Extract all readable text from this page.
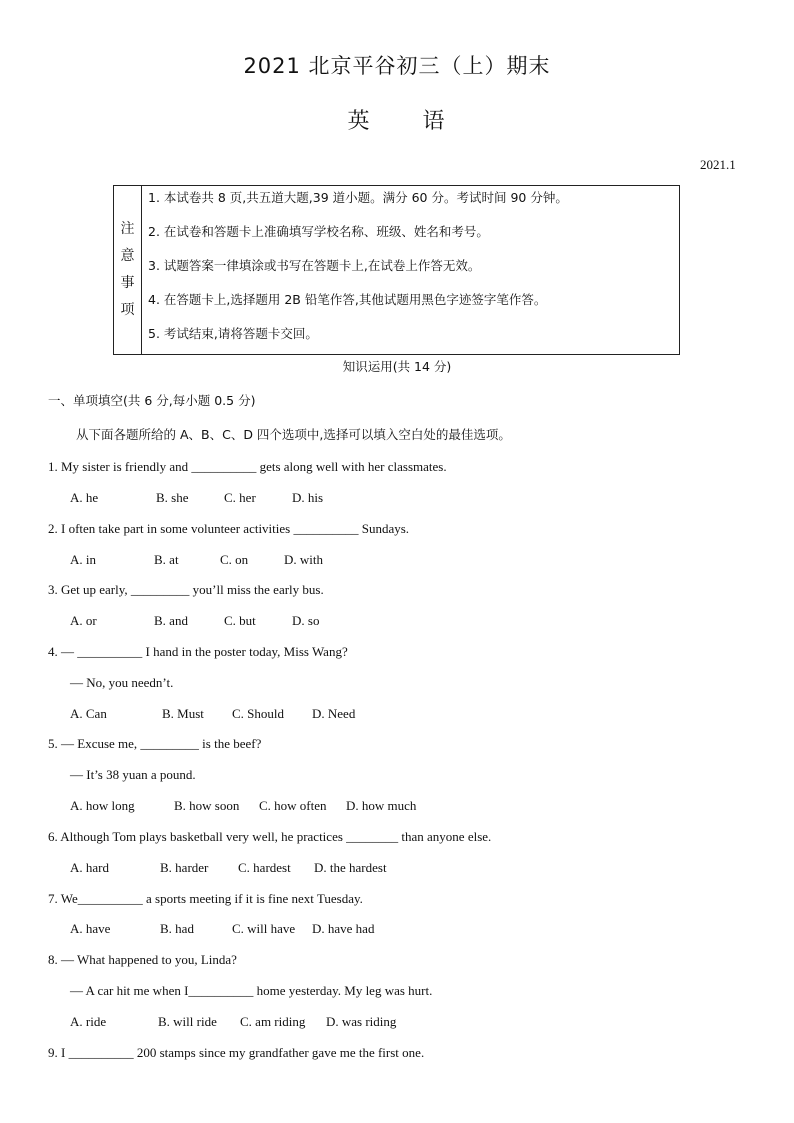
2021 北京平谷初三（上）期末
英 语
2021.1
注
意
事
项
1. 本试卷共 8 页,共五道大题,39 道小题。满分 60 分。考试时间 90 分钟。
2. 在试卷和答题卡上准确填写学校名称、班级、姓名和考号。
3. 试题答案一律填涂或书写在答题卡上,在试卷上作答无效。
4. 在答题卡上,选择题用 2B 铅笔作答,其他试题用黑色字迹签字笔作答。
5. 考试结束,请将答题卡交回。
知识运用(共 14 分)
一、单项填空(共 6 分,每小题 0.5 分)
从下面各题所给的 A、B、C、D 四个选项中,选择可以填入空白处的最佳选项。
1. My sister is friendly and __________ gets along well with her classmates.
A. he	B. she	C. her	D. his
2. I often take part in some volunteer activities __________ Sundays.
A. in	B. at	C. on	D. with
3. Get up early, _________ you’ll miss the early bus.
A. or	B. and	C. but	D. so
4. — __________ I hand in the poster today, Miss Wang?
— No, you needn’t.
A. Can	B. Must C. Should D. Need
5. — Excuse me, _________ is the beef?
— It’s 38 yuan a pound.
A. how long	B. how soon C. how often D. how much
6. Although Tom plays basketball very well, he practices ________ than anyone else.
A. hard	B. harder C. hardest D. the hardest
7. We__________ a sports meeting if it is fine next Tuesday.
A. have	B. had	C. will have D. have had
8. — What happened to you, Linda?
— A car hit me when I__________ home yesterday. My leg was hurt.
A. ride	B. will ride C. am riding D. was riding
9. I __________ 200 stamps since my grandfather gave me the first one.
